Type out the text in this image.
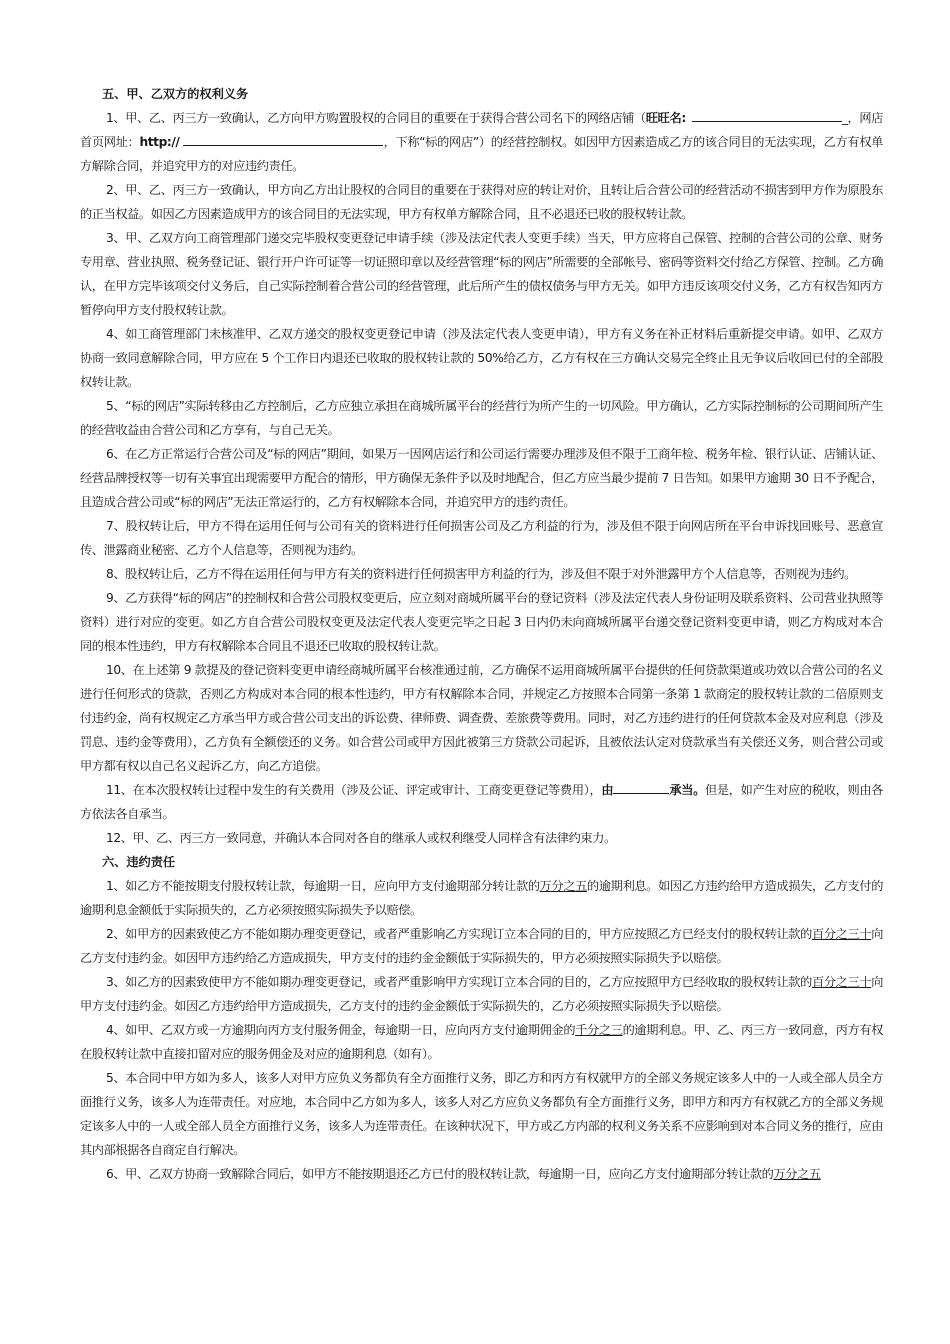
五、甲、乙双方的权利义务

1、甲、乙、丙三方一致确认，乙方向甲方购置股权的合同目的重要在于获得合营公司名下的网络店铺（旺旺名:	_，网店首页网址：http://	，下称“标的网店”）的经营控制权。如因甲方因素造成乙方的该合同目的无法实现，乙方有权单方解除合同，并追究甲方的对应违约责任。

2、甲、乙、丙三方一致确认，甲方向乙方出让股权的合同目的重要在于获得对应的转让对价，且转让后合营公司的经营活动不损害到甲方作为原股东的正当权益。如因乙方因素造成甲方的该合同目的无法实现，甲方有权单方解除合同，且不必退还已收的股权转让款。

3、甲、乙双方向工商管理部门递交完毕股权变更登记申请手续（涉及法定代表人变更手续）当天，甲方应将自己保管、控制的合营公司的公章、财务专用章、营业执照、税务登记证、银行开户许可证等一切证照印章以及经营管理“标的网店”所需要的全部帐号、密码等资料交付给乙方保管、控制。乙方确认，在甲方完毕该项交付义务后，自己实际控制着合营公司的经营管理，此后所产生的债权债务与甲方无关。如甲方违反该项交付义务，乙方有权告知丙方暂停向甲方支付股权转让款。

4、如工商管理部门未核准甲、乙双方递交的股权变更登记申请（涉及法定代表人变更申请），甲方有义务在补正材料后重新提交申请。如甲、乙双方协商一致同意解除合同，甲方应在 5 个工作日内退还已收取的股权转让款的 50%给乙方，乙方有权在三方确认交易完全终止且无争议后收回已付的全部股权转让款。

5、“标的网店”实际转移由乙方控制后，乙方应独立承担在商城所属平台的经营行为所产生的一切风险。甲方确认，乙方实际控制标的公司期间所产生的经营收益由合营公司和乙方享有，与自己无关。

6、在乙方正常运行合营公司及“标的网店”期间，如果万一因网店运行和公司运行需要办理涉及但不限于工商年检、税务年检、银行认证、店铺认证、经营品牌授权等一切有关事宜出现需要甲方配合的情形，甲方确保无条件予以及时地配合，但乙方应当最少提前 7 日告知。如果甲方逾期 30 日不予配合，且造成合营公司或“标的网店”无法正常运行的，乙方有权解除本合同，并追究甲方的违约责任。

7、股权转让后，甲方不得在运用任何与公司有关的资料进行任何损害公司及乙方利益的行为，涉及但不限于向网店所在平台申诉找回账号、恶意宣传、泄露商业秘密、乙方个人信息等，否则视为违约。

8、股权转让后，乙方不得在运用任何与甲方有关的资料进行任何损害甲方利益的行为，涉及但不限于对外泄露甲方个人信息等，否则视为违约。

9、乙方获得“标的网店”的控制权和合营公司股权变更后，应立刻对商城所属平台的登记资料（涉及法定代表人身份证明及联系资料、公司营业执照等资料）进行对应的变更。如乙方自合营公司股权变更及法定代表人变更完毕之日起 3 日内仍未向商城所属平台递交登记资料变更申请，则乙方构成对本合同的根本性违约，甲方有权解除本合同且不退还已收取的股权转让款。

10、在上述第 9 款提及的登记资料变更申请经商城所属平台核准通过前，乙方确保不运用商城所属平台提供的任何贷款渠道或功效以合营公司的名义进行任何形式的贷款，否则乙方构成对本合同的根本性违约，甲方有权解除本合同，并规定乙方按照本合同第一条第 1 款商定的股权转让款的二倍原则支付违约金，尚有权规定乙方承当甲方或合营公司支出的诉讼费、律师费、调查费、差旅费等费用。同时，对乙方违约进行的任何贷款本金及对应利息（涉及罚息、违约金等费用），乙方负有全额偿还的义务。如合营公司或甲方因此被第三方贷款公司起诉，且被依法认定对贷款承当有关偿还义务，则合营公司或甲方都有权以自己名义起诉乙方，向乙方追偿。

11、在本次股权转让过程中发生的有关费用（涉及公证、评定或审计、工商变更登记等费用），由	承当。但是，如产生对应的税收，则由各方依法各自承当。

12、甲、乙、丙三方一致同意，并确认本合同对各自的继承人或权利继受人同样含有法律约束力。

六、违约责任

1、如乙方不能按期支付股权转让款，每逾期一日，应向甲方支付逾期部分转让款的万分之五的逾期利息。如因乙方违约给甲方造成损失，乙方支付的逾期利息金额低于实际损失的，乙方必须按照实际损失予以赔偿。

2、如甲方的因素致使乙方不能如期办理变更登记，或者严重影响乙方实现订立本合同的目的，甲方应按照乙方已经支付的股权转让款的百分之三十向乙方支付违约金。如因甲方违约给乙方造成损失，甲方支付的违约金金额低于实际损失的，甲方必须按照实际损失予以赔偿。

3、如乙方的因素致使甲方不能如期办理变更登记，或者严重影响甲方实现订立本合同的目的，乙方应按照甲方已经收取的股权转让款的百分之三十向甲方支付违约金。如因乙方违约给甲方造成损失，乙方支付的违约金金额低于实际损失的，乙方必须按照实际损失予以赔偿。

4、如甲、乙双方或一方逾期向丙方支付服务佣金，每逾期一日，应向丙方支付逾期佣金的千分之三的逾期利息。甲、乙、丙三方一致同意，丙方有权在股权转让款中直接扣留对应的服务佣金及对应的逾期利息（如有）。

5、本合同中甲方如为多人，该多人对甲方应负义务都负有全方面推行义务，即乙方和丙方有权就甲方的全部义务规定该多人中的一人或全部人员全方面推行义务，该多人为连带责任。对应地，本合同中乙方如为多人，该多人对乙方应负义务都负有全方面推行义务，即甲方和丙方有权就乙方的全部义务规定该多人中的一人或全部人员全方面推行义务，该多人为连带责任。在该种状况下，甲方或乙方内部的权利义务关系不应影响到对本合同义务的推行，应由其内部根据各自商定自行解决。

6、甲、乙双方协商一致解除合同后，如甲方不能按期退还乙方已付的股权转让款，每逾期一日，应向乙方支付逾期部分转让款的万分之五
